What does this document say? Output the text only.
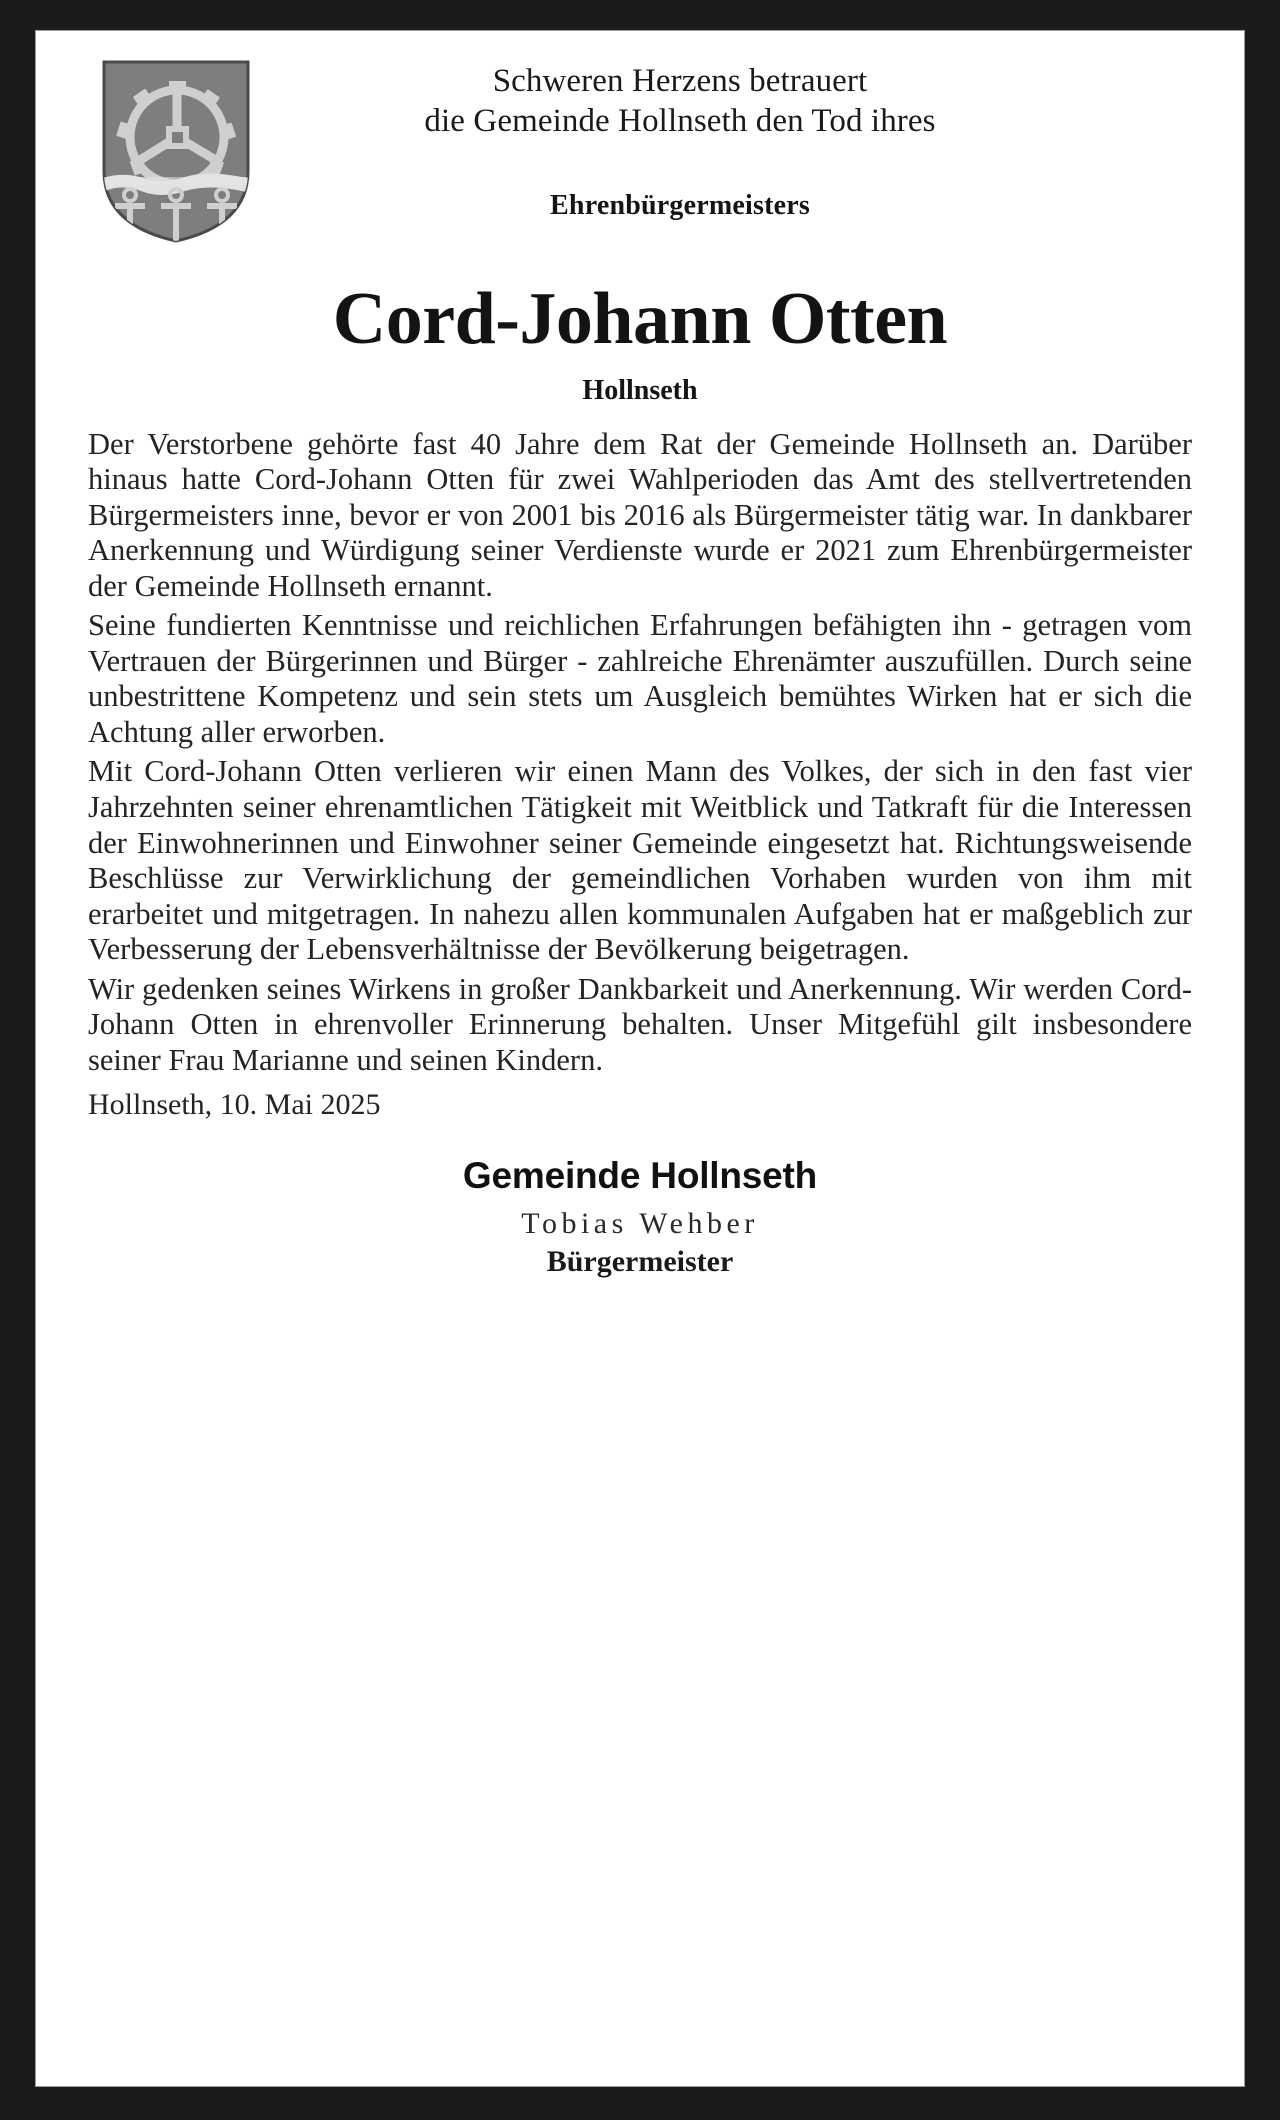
Schweren Herzens betrauert
die Gemeinde Hollnseth den Tod ihres
Ehrenbürgermeisters
Cord-Johann Otten
Hollnseth

Der Verstorbene gehörte fast 40 Jahre dem Rat der Gemeinde Hollnseth an. Darüber hinaus hatte Cord-Johann Otten für zwei Wahlperioden das Amt des stellvertretenden Bürgermeisters inne, bevor er von 2001 bis 2016 als Bürgermeister tätig war. In dankbarer Anerkennung und Würdigung seiner Verdienste wurde er 2021 zum Ehrenbürgermeister der Gemeinde Hollnseth ernannt.

Seine fundierten Kenntnisse und reichlichen Erfahrungen befähigten ihn - getragen vom Vertrauen der Bürgerinnen und Bürger - zahlreiche Ehrenämter auszufüllen. Durch seine unbestrittene Kompetenz und sein stets um Ausgleich bemühtes Wirken hat er sich die Achtung aller erworben.

Mit Cord-Johann Otten verlieren wir einen Mann des Volkes, der sich in den fast vier Jahrzehnten seiner ehrenamtlichen Tätigkeit mit Weitblick und Tatkraft für die Interessen der Einwohnerinnen und Einwohner seiner Gemeinde eingesetzt hat. Richtungsweisende Beschlüsse zur Verwirklichung der gemeindlichen Vorhaben wurden von ihm mit erarbeitet und mitgetragen. In nahezu allen kommunalen Aufgaben hat er maßgeblich zur Verbesserung der Lebensverhältnisse der Bevölkerung beigetragen.

Wir gedenken seines Wirkens in großer Dankbarkeit und Anerkennung. Wir werden Cord-Johann Otten in ehrenvoller Erinnerung behalten. Unser Mitgefühl gilt insbesondere seiner Frau Marianne und seinen Kindern.

Hollnseth, 10. Mai 2025
Gemeinde Hollnseth
Tobias Wehber
Bürgermeister
